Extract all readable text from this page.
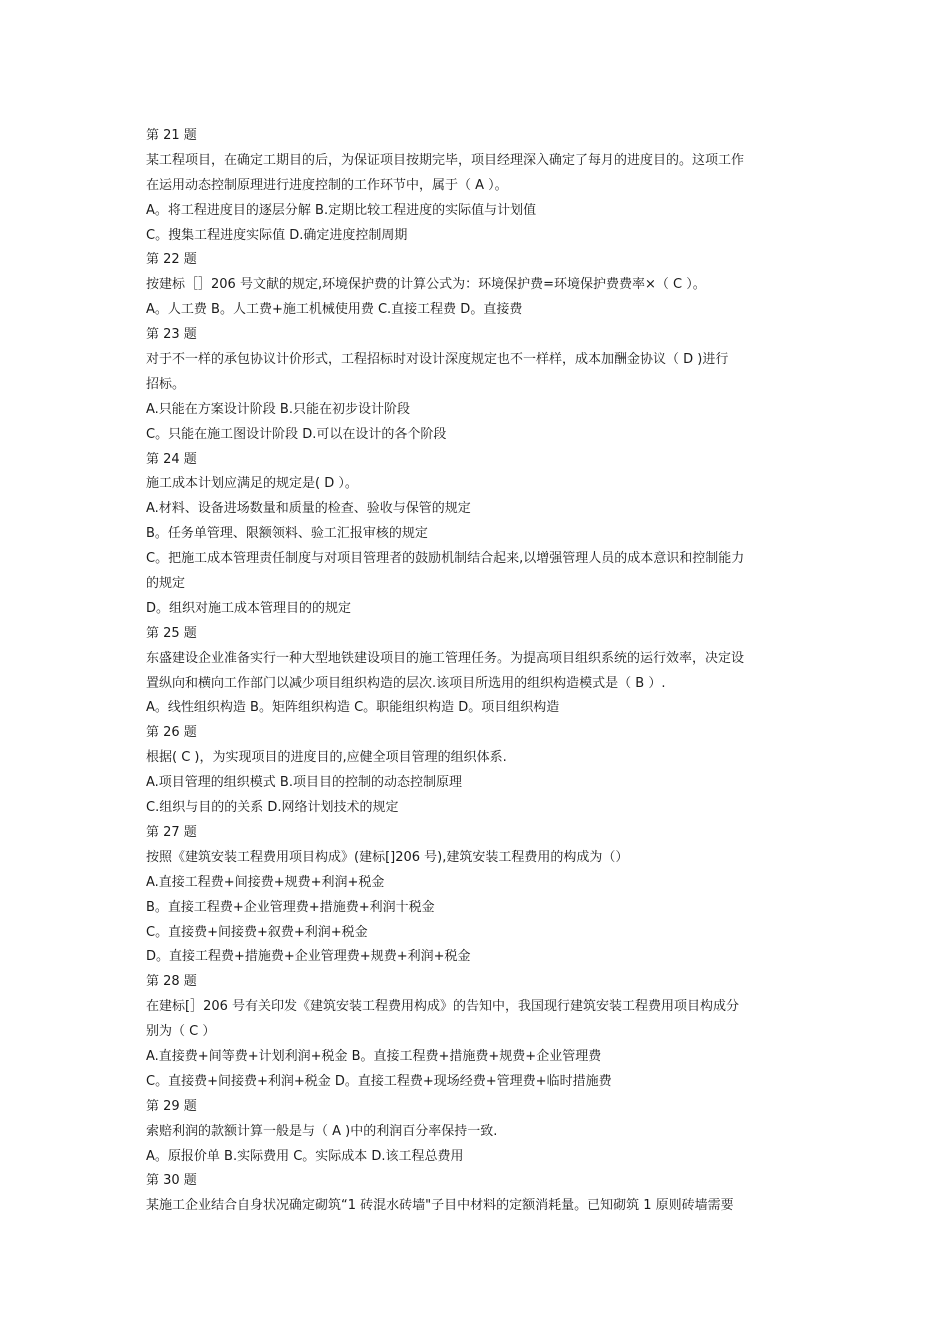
第 21 题
某工程项目，在确定工期目的后，为保证项目按期完毕，项目经理深入确定了每月的进度目的。这项工作
在运用动态控制原理进行进度控制的工作环节中，属于（ A ）。
A。将工程进度目的逐层分解 B.定期比较工程进度的实际值与计划值
C。搜集工程进度实际值 D.确定进度控制周期
第 22 题
按建标［］206 号文献的规定,环境保护费的计算公式为：环境保护费=环境保护费费率×（ C ）。
A。人工费 B。人工费+施工机械使用费 C.直接工程费 D。直接费
第 23 题
对于不一样的承包协议计价形式，工程招标时对设计深度规定也不一样样，成本加酬金协议（ D )进行
招标。
A.只能在方案设计阶段 B.只能在初步设计阶段
C。只能在施工图设计阶段 D.可以在设计的各个阶段
第 24 题
施工成本计划应满足的规定是( D ）。
A.材料、设备进场数量和质量的检查、验收与保管的规定
B。任务单管理、限额领料、验工汇报审核的规定
C。把施工成本管理责任制度与对项目管理者的鼓励机制结合起来,以增强管理人员的成本意识和控制能力
的规定
D。组织对施工成本管理目的的规定
第 25 题
东盛建设企业准备实行一种大型地铁建设项目的施工管理任务。为提高项目组织系统的运行效率，决定设
置纵向和横向工作部门以减少项目组织构造的层次.该项目所选用的组织构造模式是（ B ）.
A。线性组织构造 B。矩阵组织构造 C。职能组织构造 D。项目组织构造
第 26 题
根据( C )，为实现项目的进度目的,应健全项目管理的组织体系.
A.项目管理的组织模式 B.项目目的控制的动态控制原理
C.组织与目的的关系 D.网络计划技术的规定
第 27 题
按照《建筑安装工程费用项目构成》(建标[]206 号),建筑安装工程费用的构成为（）
A.直接工程费+间接费+规费+利润+税金
B。直接工程费+企业管理费+措施费+利润十税金
C。直接费+间接费+叙费+利润+税金
D。直接工程费+措施费+企业管理费+规费+利润+税金
第 28 题
在建标[］206 号有关印发《建筑安装工程费用构成》的告知中，我国现行建筑安装工程费用项目构成分
别为（ C ）
A.直接费+间等费+计划利润+税金 B。直接工程费+措施费+规费+企业管理费
C。直接费+间接费+利润+税金 D。直接工程费+现场经费+管理费+临时措施费
第 29 题
索赔利润的款额计算一般是与（ A )中的利润百分率保持一致.
A。原报价单 B.实际费用 C。实际成本 D.该工程总费用
第 30 题
某施工企业结合自身状况确定砌筑“1 砖混水砖墙"子目中材料的定额消耗量。已知砌筑 1 原则砖墙需要
